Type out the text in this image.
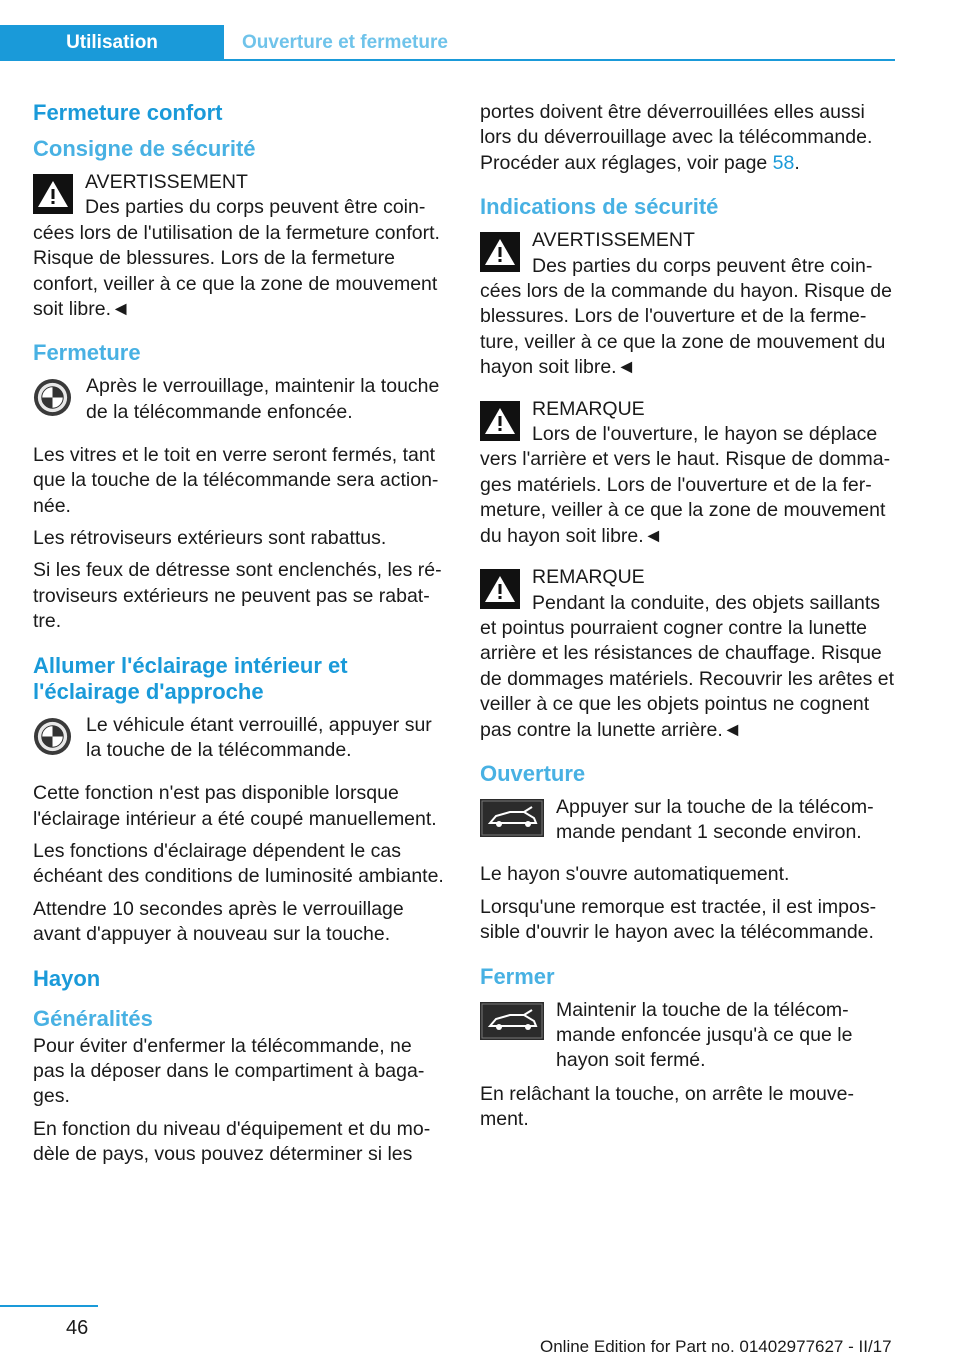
Utilisation	Ouverture et fermeture
Fermeture confort
Consigne de sécurité

AVERTISSEMENT

Des parties du corps peuvent être coincées lors de l'utilisation de la fermeture confort. Risque de blessures. Lors de la fermeture confort, veiller à ce que la zone de mouvement soit libre.◄

Fermeture

Après le verrouillage, maintenir la touche de la télécommande enfoncée.

Les vitres et le toit en verre seront fermés, tant que la touche de la télécommande sera actionnée.

Les rétroviseurs extérieurs sont rabattus.

Si les feux de détresse sont enclenchés, les rétroviseurs extérieurs ne peuvent pas se rabattre.

Allumer l'éclairage intérieur et l'éclairage d'approche

Le véhicule étant verrouillé, appuyer sur la touche de la télécommande.

Cette fonction n'est pas disponible lorsque l'éclairage intérieur a été coupé manuellement.

Les fonctions d'éclairage dépendent le cas échéant des conditions de luminosité ambiante.

Attendre 10 secondes après le verrouillage avant d'appuyer à nouveau sur la touche.

Hayon
Généralités

Pour éviter d'enfermer la télécommande, ne pas la déposer dans le compartiment à bagages.

En fonction du niveau d'équipement et du modèle de pays, vous pouvez déterminer si les

portes doivent être déverrouillées elles aussi lors du déverrouillage avec la télécommande. Procéder aux réglages, voir page 58.

Indications de sécurité

AVERTISSEMENT

Des parties du corps peuvent être coincées lors de la commande du hayon. Risque de blessures. Lors de l'ouverture et de la fermeture, veiller à ce que la zone de mouvement du hayon soit libre.◄

REMARQUE

Lors de l'ouverture, le hayon se déplace vers l'arrière et vers le haut. Risque de dommages matériels. Lors de l'ouverture et de la fermeture, veiller à ce que la zone de mouvement du hayon soit libre.◄

REMARQUE

Pendant la conduite, des objets saillants et pointus pourraient cogner contre la lunette arrière et les résistances de chauffage. Risque de dommages matériels. Recouvrir les arêtes et veiller à ce que les objets pointus ne cognent pas contre la lunette arrière.◄

Ouverture

Appuyer sur la touche de la télécommande pendant 1 seconde environ.

Le hayon s'ouvre automatiquement.

Lorsqu'une remorque est tractée, il est impossible d'ouvrir le hayon avec la télécommande.

Fermer

Maintenir la touche de la télécommande enfoncée jusqu'à ce que le hayon soit fermé.

En relâchant la touche, on arrête le mouvement.

46
Online Edition for Part no. 01402977627 - II/17
